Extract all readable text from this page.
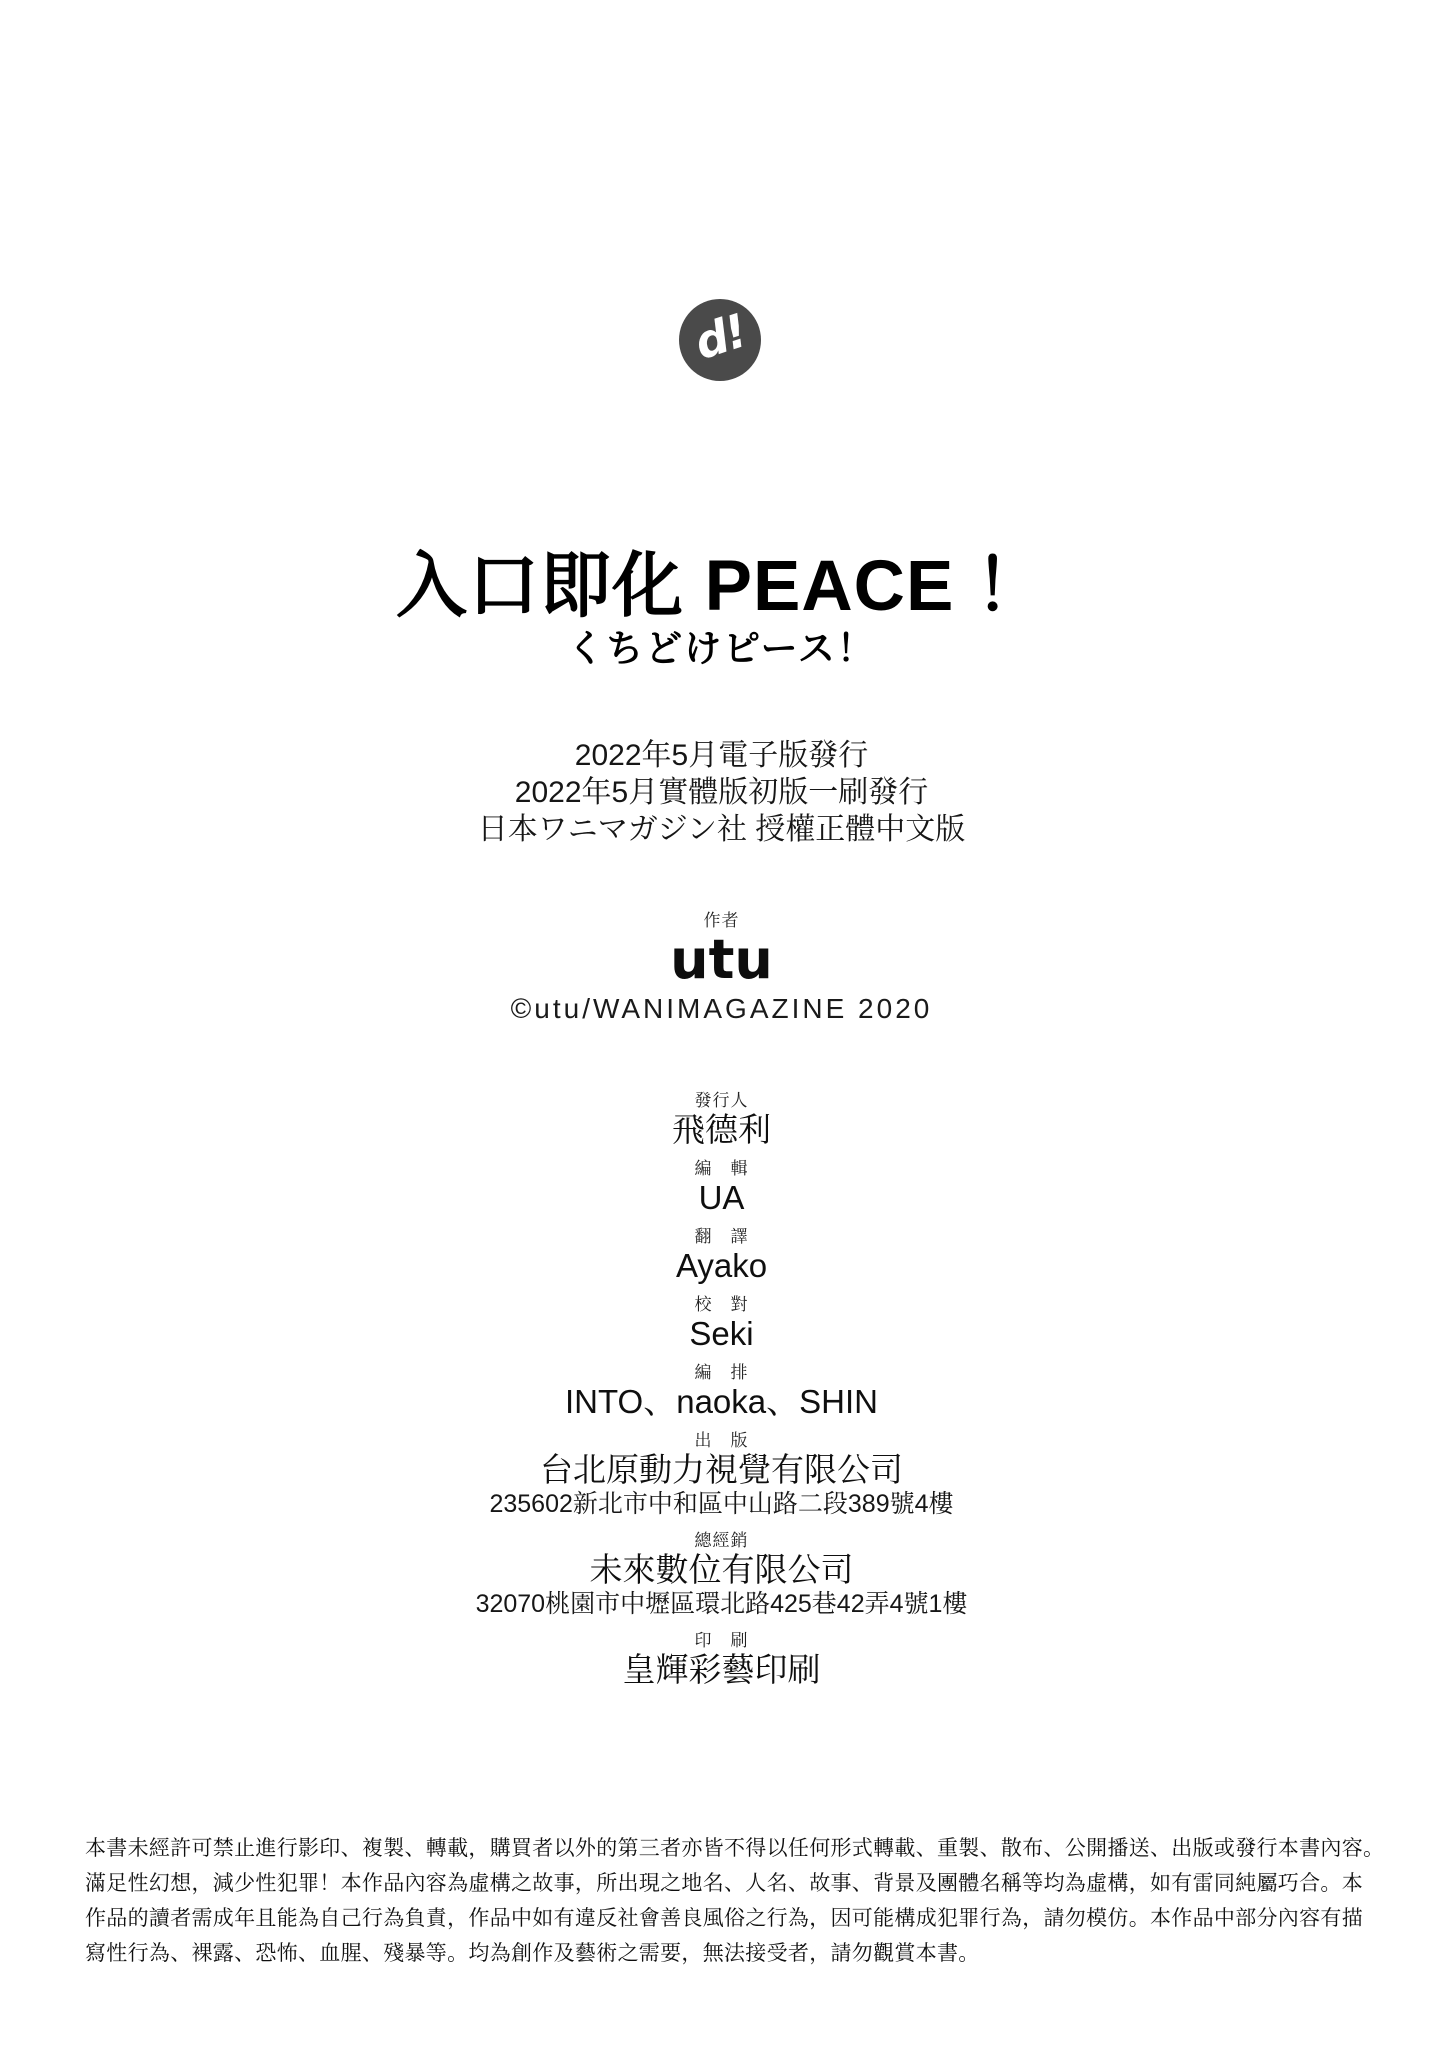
d!
入口即化 PEACE ！
くちどけピース！
2022年5月電子版發行
2022年5月實體版初版一刷發行
日本ワニマガジン社 授權正體中文版
作者
utu
©utu/WANIMAGAZINE 2020
發行人
飛德利
編　輯
UA
翻　譯
Ayako
校　對
Seki
編　排
INTO、naoka、SHIN
出　版
台北原動力視覺有限公司
235602新北市中和區中山路二段389號4樓
總經銷
未來數位有限公司
32070桃園市中壢區環北路425巷42弄4號1樓
印　刷
皇輝彩藝印刷
本書未經許可禁止進行影印、複製、轉載，購買者以外的第三者亦皆不得以任何形式轉載、重製、散布、公開播送、出版或發行本書內容。
滿足性幻想，減少性犯罪！本作品內容為虛構之故事，所出現之地名、人名、故事、背景及團體名稱等均為虛構，如有雷同純屬巧合。本
作品的讀者需成年且能為自己行為負責，作品中如有違反社會善良風俗之行為，因可能構成犯罪行為，請勿模仿。本作品中部分內容有描
寫性行為、裸露、恐怖、血腥、殘暴等。均為創作及藝術之需要，無法接受者，請勿觀賞本書。
